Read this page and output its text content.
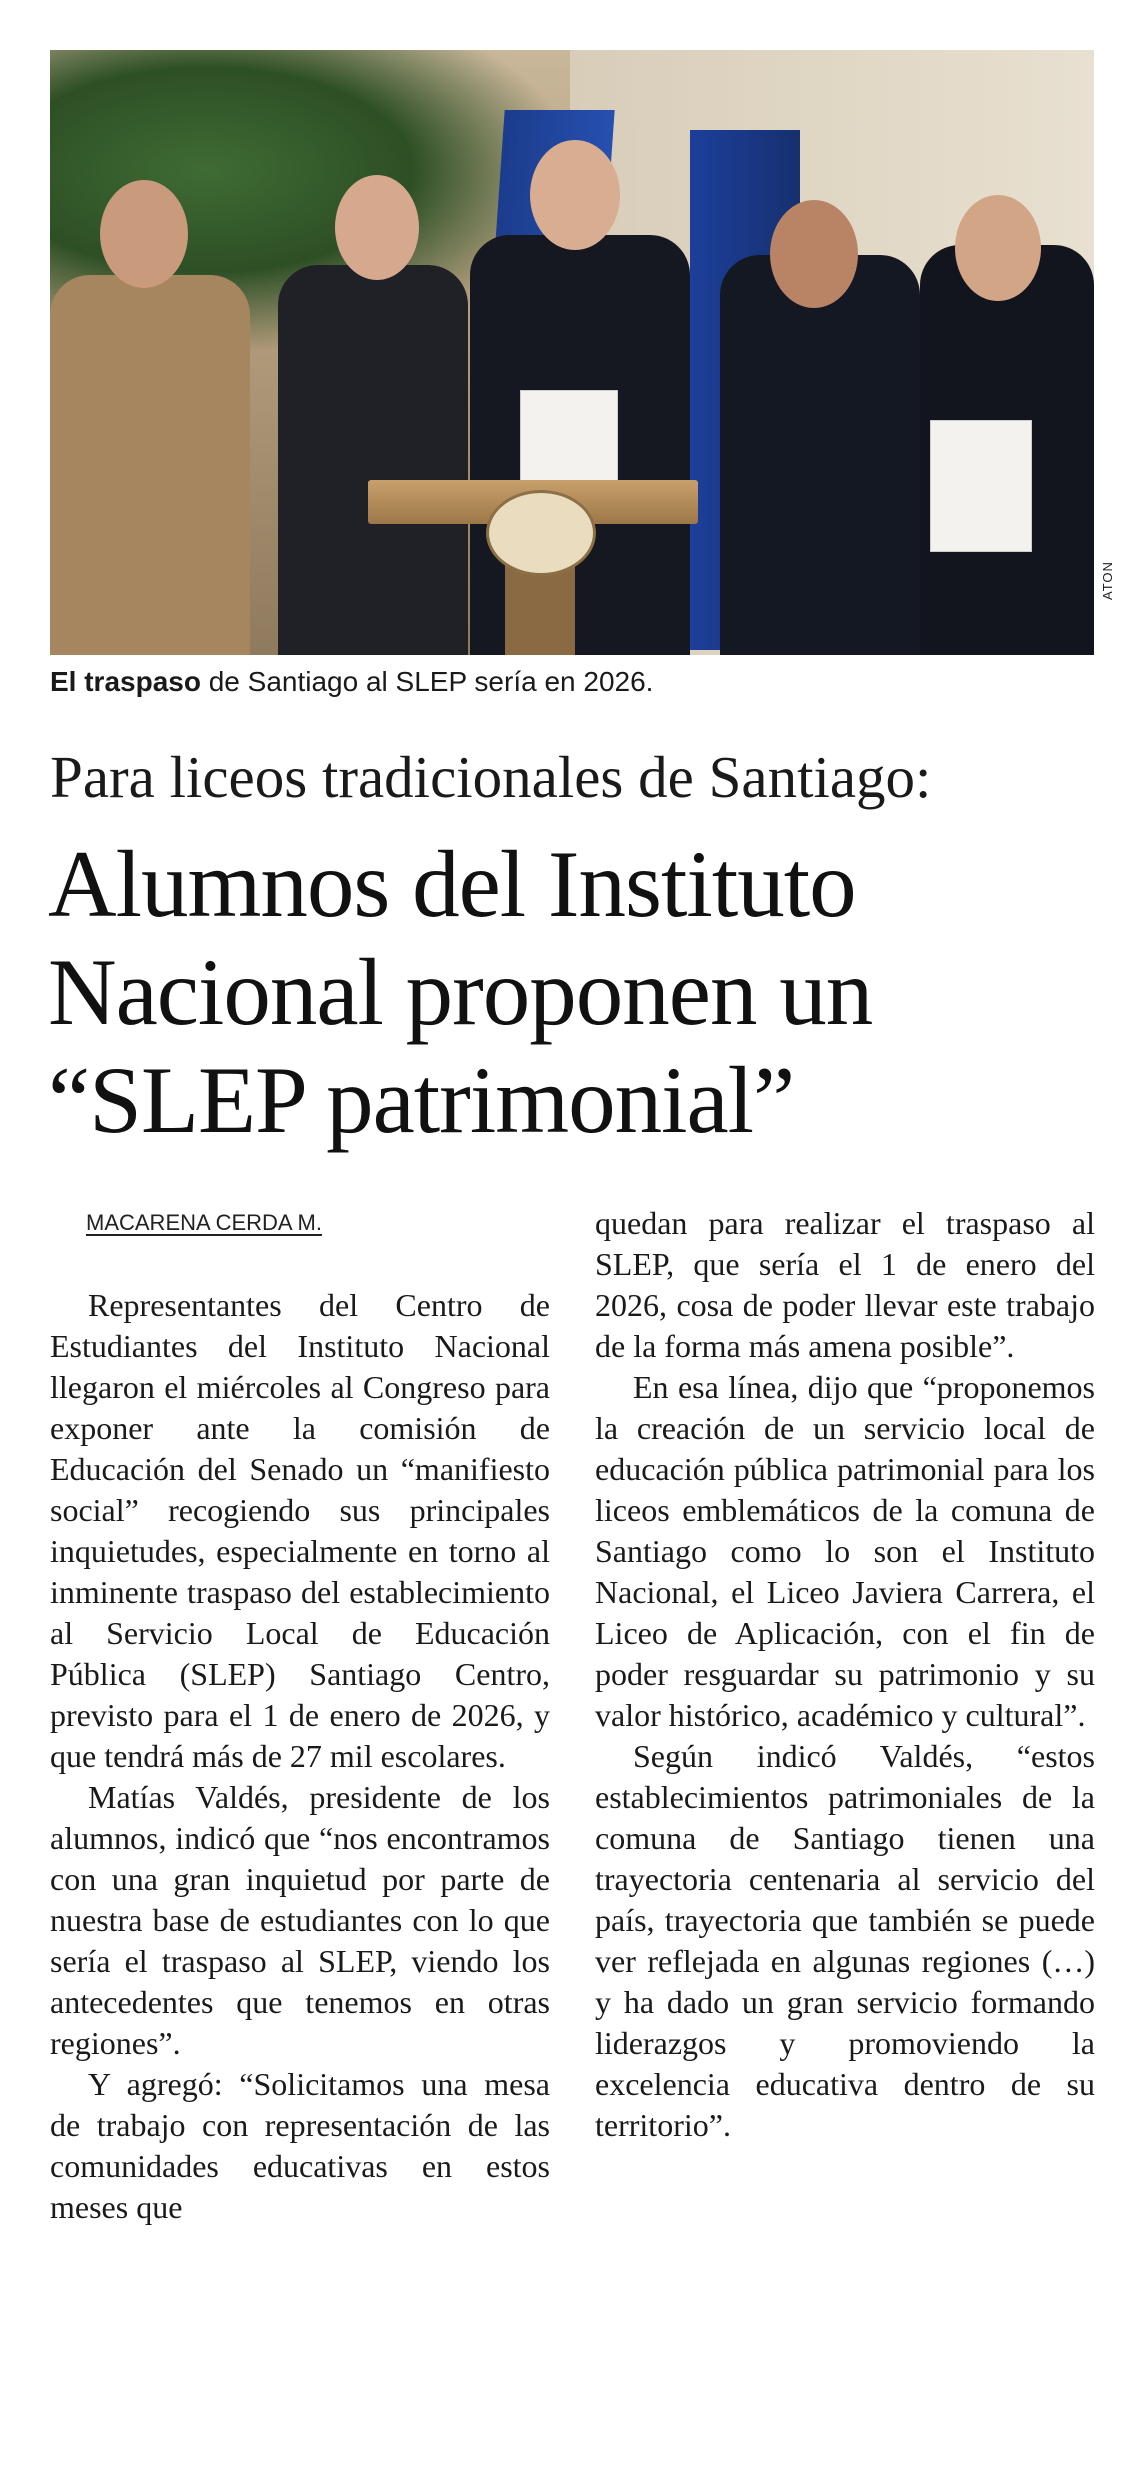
ATON
El traspaso de Santiago al SLEP sería en 2026.
Para liceos tradicionales de Santiago:
Alumnos del Instituto Nacional proponen un “SLEP patrimonial”
MACARENA CERDA M.

Representantes del Centro de Estudiantes del Instituto Nacional llegaron el miércoles al Congreso para exponer ante la comisión de Educación del Senado un “manifiesto social” recogiendo sus principales inquietudes, especialmente en torno al inminente traspaso del establecimiento al Servicio Local de Educación Pública (SLEP) Santiago Centro, previsto para el 1 de enero de 2026, y que tendrá más de 27 mil escolares.

Matías Valdés, presidente de los alumnos, indicó que “nos encontramos con una gran inquietud por parte de nuestra base de estudiantes con lo que sería el traspaso al SLEP, viendo los antecedentes que tenemos en otras regiones”.

Y agregó: “Solicitamos una mesa de trabajo con representación de las comunidades educativas en estos meses que

quedan para realizar el traspaso al SLEP, que sería el 1 de enero del 2026, cosa de poder llevar este trabajo de la forma más amena posible”.

En esa línea, dijo que “proponemos la creación de un servicio local de educación pública patrimonial para los liceos emblemáticos de la comuna de Santiago como lo son el Instituto Nacional, el Liceo Javiera Carrera, el Liceo de Aplicación, con el fin de poder resguardar su patrimonio y su valor histórico, académico y cultural”.

Según indicó Valdés, “estos establecimientos patrimoniales de la comuna de Santiago tienen una trayectoria centenaria al servicio del país, trayectoria que también se puede ver reflejada en algunas regiones (…) y ha dado un gran servicio formando liderazgos y promoviendo la excelencia educativa dentro de su territorio”.
